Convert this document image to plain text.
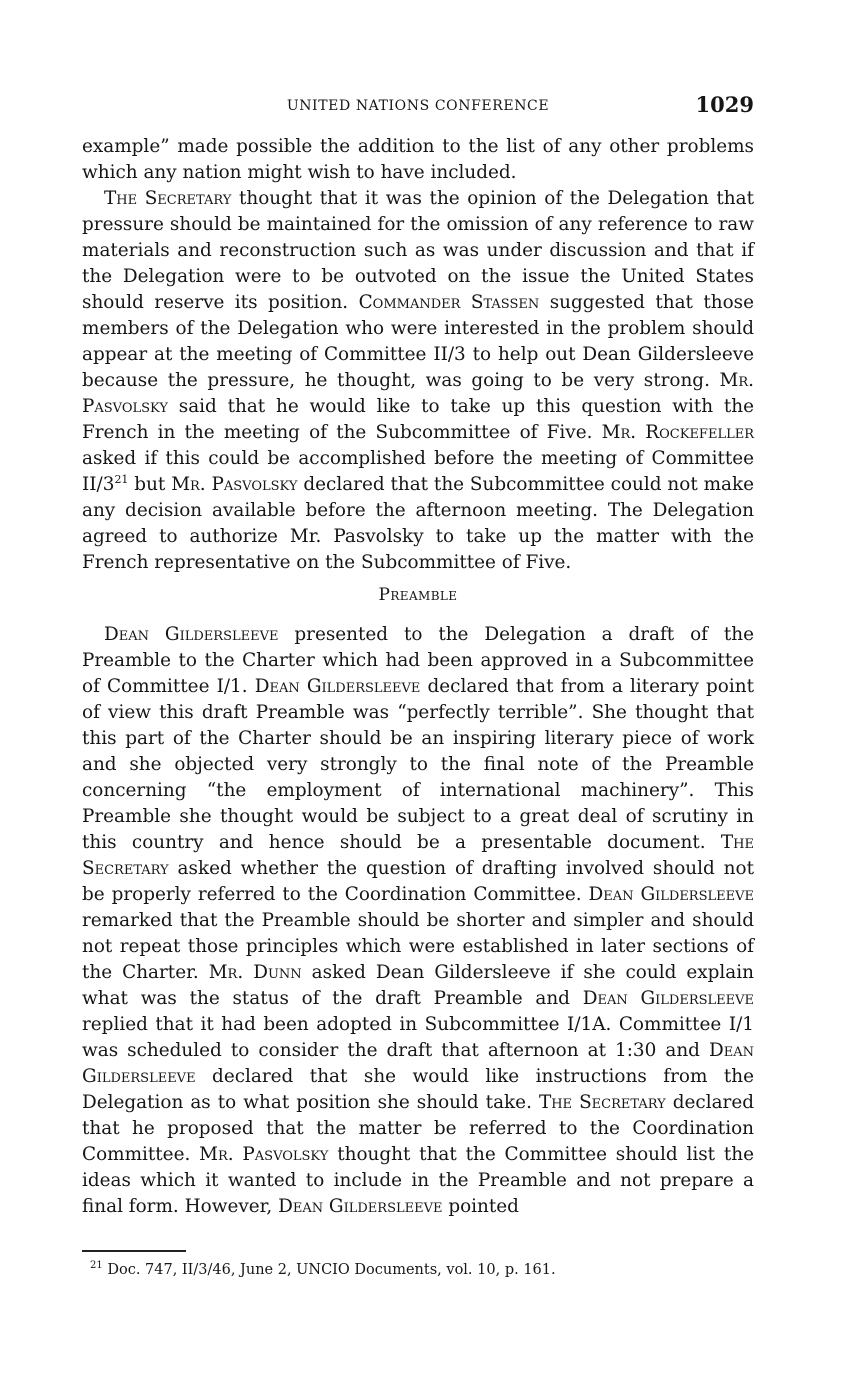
UNITED NATIONS CONFERENCE	1029

example” made possible the addition to the list of any other problems which any nation might wish to have included.

The Secretary thought that it was the opinion of the Delegation that pressure should be maintained for the omission of any reference to raw materials and reconstruction such as was under discussion and that if the Delegation were to be outvoted on the issue the United States should reserve its position. Commander Stassen suggested that those members of the Delegation who were interested in the problem should appear at the meeting of Committee II/3 to help out Dean Gildersleeve because the pressure, he thought, was going to be very strong. Mr. Pasvolsky said that he would like to take up this question with the French in the meeting of the Subcommittee of Five. Mr. Rockefeller asked if this could be accomplished before the meeting of Committee II/3$^{21}$ but Mr. Pasvolsky declared that the Subcommittee could not make any decision available before the afternoon meeting. The Delegation agreed to authorize Mr. Pasvolsky to take up the matter with the French representative on the Subcommittee of Five.

Preamble

Dean Gildersleeve presented to the Delegation a draft of the Preamble to the Charter which had been approved in a Subcommittee of Committee I/1. Dean Gildersleeve declared that from a literary point of view this draft Preamble was “perfectly terrible”. She thought that this part of the Charter should be an inspiring literary piece of work and she objected very strongly to the final note of the Preamble concerning “the employment of international machinery”. This Preamble she thought would be subject to a great deal of scrutiny in this country and hence should be a presentable document. The Secretary asked whether the question of drafting involved should not be properly referred to the Coordination Committee. Dean Gildersleeve remarked that the Preamble should be shorter and simpler and should not repeat those principles which were established in later sections of the Charter. Mr. Dunn asked Dean Gildersleeve if she could explain what was the status of the draft Preamble and Dean Gildersleeve replied that it had been adopted in Subcommittee I/1A. Committee I/1 was scheduled to consider the draft that afternoon at 1:30 and Dean Gildersleeve declared that she would like instructions from the Delegation as to what position she should take. The Secretary declared that he proposed that the matter be referred to the Coordination Committee. Mr. Pasvolsky thought that the Committee should list the ideas which it wanted to include in the Preamble and not prepare a final form. However, Dean Gildersleeve pointed

$^{21}$ Doc. 747, II/3/46, June 2, UNCIO Documents, vol. 10, p. 161.
